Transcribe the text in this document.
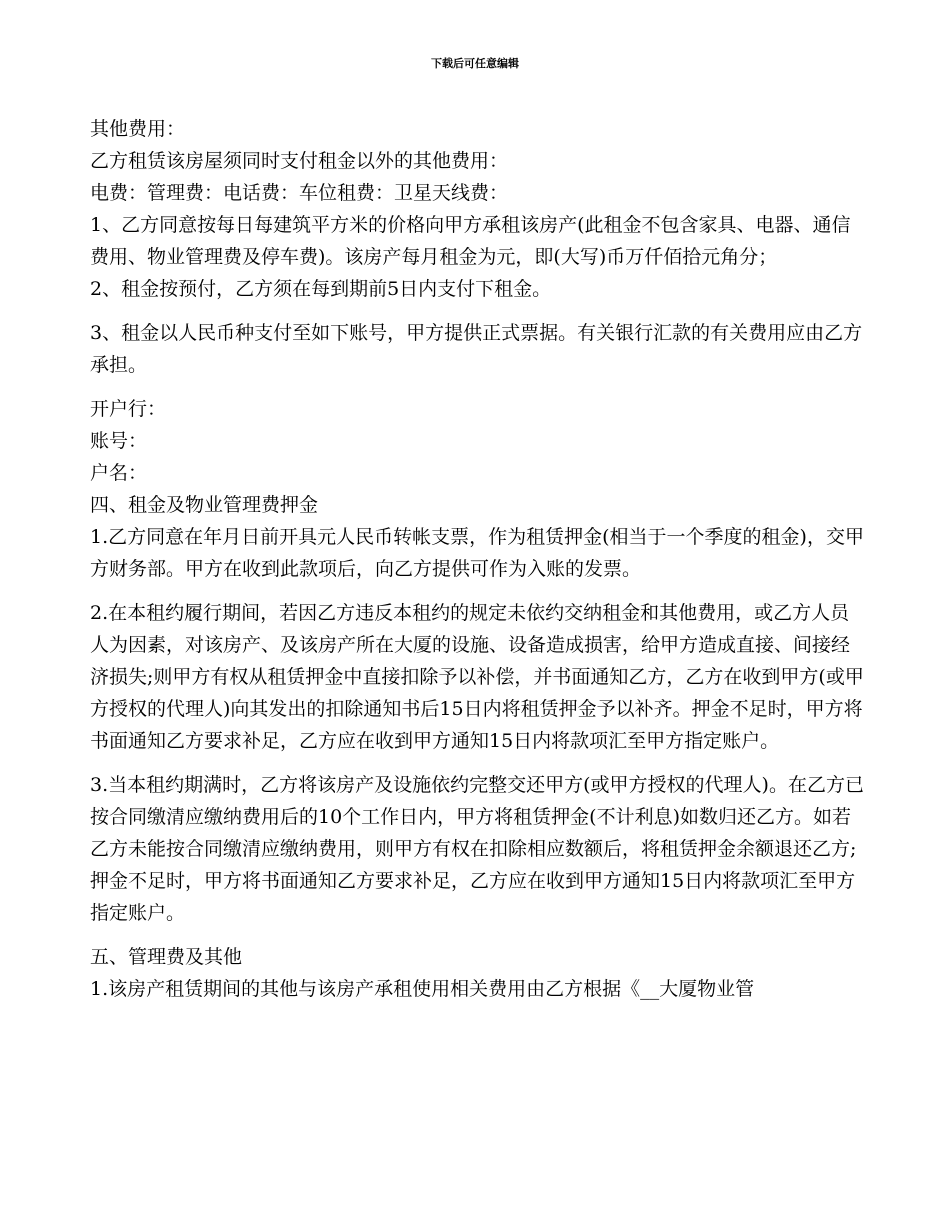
下载后可任意编辑

其他费用：

乙方租赁该房屋须同时支付租金以外的其他费用：

电费：管理费：电话费：车位租费：卫星天线费：

1、乙方同意按每日每建筑平方米的价格向甲方承租该房产(此租金不包含家具、电器、通信费用、物业管理费及停车费)。该房产每月租金为元，即(大写)币万仟佰拾元角分；

2、租金按预付，乙方须在每到期前5日内支付下租金。

3、租金以人民币种支付至如下账号，甲方提供正式票据。有关银行汇款的有关费用应由乙方承担。

开户行：

账号：

户名：

四、租金及物业管理费押金

1.乙方同意在年月日前开具元人民币转帐支票，作为租赁押金(相当于一个季度的租金)，交甲方财务部。甲方在收到此款项后，向乙方提供可作为入账的发票。

2.在本租约履行期间，若因乙方违反本租约的规定未依约交纳租金和其他费用，或乙方人员人为因素，对该房产、及该房产所在大厦的设施、设备造成损害，给甲方造成直接、间接经济损失;则甲方有权从租赁押金中直接扣除予以补偿，并书面通知乙方，乙方在收到甲方(或甲方授权的代理人)向其发出的扣除通知书后15日内将租赁押金予以补齐。押金不足时，甲方将书面通知乙方要求补足，乙方应在收到甲方通知15日内将款项汇至甲方指定账户。

3.当本租约期满时，乙方将该房产及设施依约完整交还甲方(或甲方授权的代理人)。在乙方已按合同缴清应缴纳费用后的10个工作日内，甲方将租赁押金(不计利息)如数归还乙方。如若乙方未能按合同缴清应缴纳费用，则甲方有权在扣除相应数额后，将租赁押金余额退还乙方;押金不足时，甲方将书面通知乙方要求补足，乙方应在收到甲方通知15日内将款项汇至甲方指定账户。

五、管理费及其他

1.该房产租赁期间的其他与该房产承租使用相关费用由乙方根据《__大厦物业管
